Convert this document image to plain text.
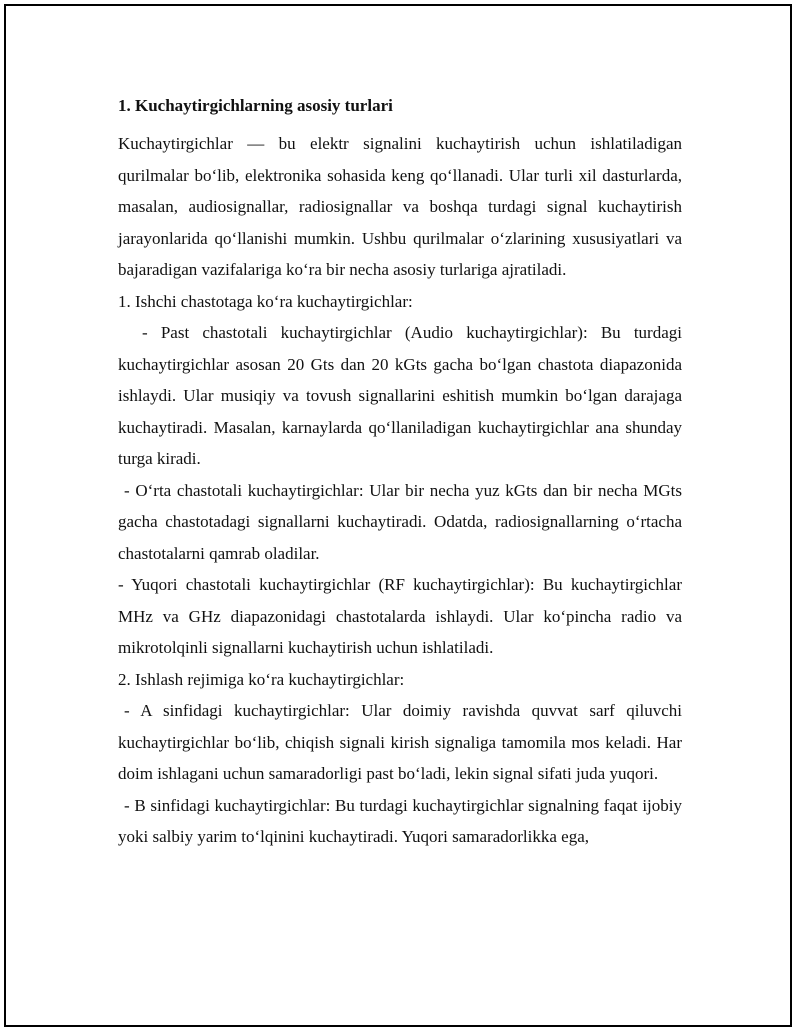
1. Kuchaytirgichlarning asosiy turlari

Kuchaytirgichlar — bu elektr signalini kuchaytirish uchun ishlatiladigan qurilmalar bo‘lib, elektronika sohasida keng qo‘llanadi. Ular turli xil dasturlarda, masalan, audiosignallar, radiosignallar va boshqa turdagi signal kuchaytirish jarayonlarida qo‘llanishi mumkin. Ushbu qurilmalar o‘zlarining xususiyatlari va bajaradigan vazifalariga ko‘ra bir necha asosiy turlariga ajratiladi.

1. Ishchi chastotaga ko‘ra kuchaytirgichlar:

- Past chastotali kuchaytirgichlar (Audio kuchaytirgichlar): Bu turdagi kuchaytirgichlar asosan 20 Gts dan 20 kGts gacha bo‘lgan chastota diapazonida ishlaydi. Ular musiqiy va tovush signallarini eshitish mumkin bo‘lgan darajaga kuchaytiradi. Masalan, karnaylarda qo‘llaniladigan kuchaytirgichlar ana shunday turga kiradi.

- O‘rta chastotali kuchaytirgichlar: Ular bir necha yuz kGts dan bir necha MGts gacha chastotadagi signallarni kuchaytiradi. Odatda, radiosignallarning o‘rtacha chastotalarni qamrab oladilar.

- Yuqori chastotali kuchaytirgichlar (RF kuchaytirgichlar): Bu kuchaytirgichlar MHz va GHz diapazonidagi chastotalarda ishlaydi. Ular ko‘pincha radio va mikrotolqinli signallarni kuchaytirish uchun ishlatiladi.

2. Ishlash rejimiga ko‘ra kuchaytirgichlar:

- A sinfidagi kuchaytirgichlar: Ular doimiy ravishda quvvat sarf qiluvchi kuchaytirgichlar bo‘lib, chiqish signali kirish signaliga tamomila mos keladi. Har doim ishlagani uchun samaradorligi past bo‘ladi, lekin signal sifati juda yuqori.

- B sinfidagi kuchaytirgichlar: Bu turdagi kuchaytirgichlar signalning faqat ijobiy yoki salbiy yarim to‘lqinini kuchaytiradi. Yuqori samaradorlikka ega,
